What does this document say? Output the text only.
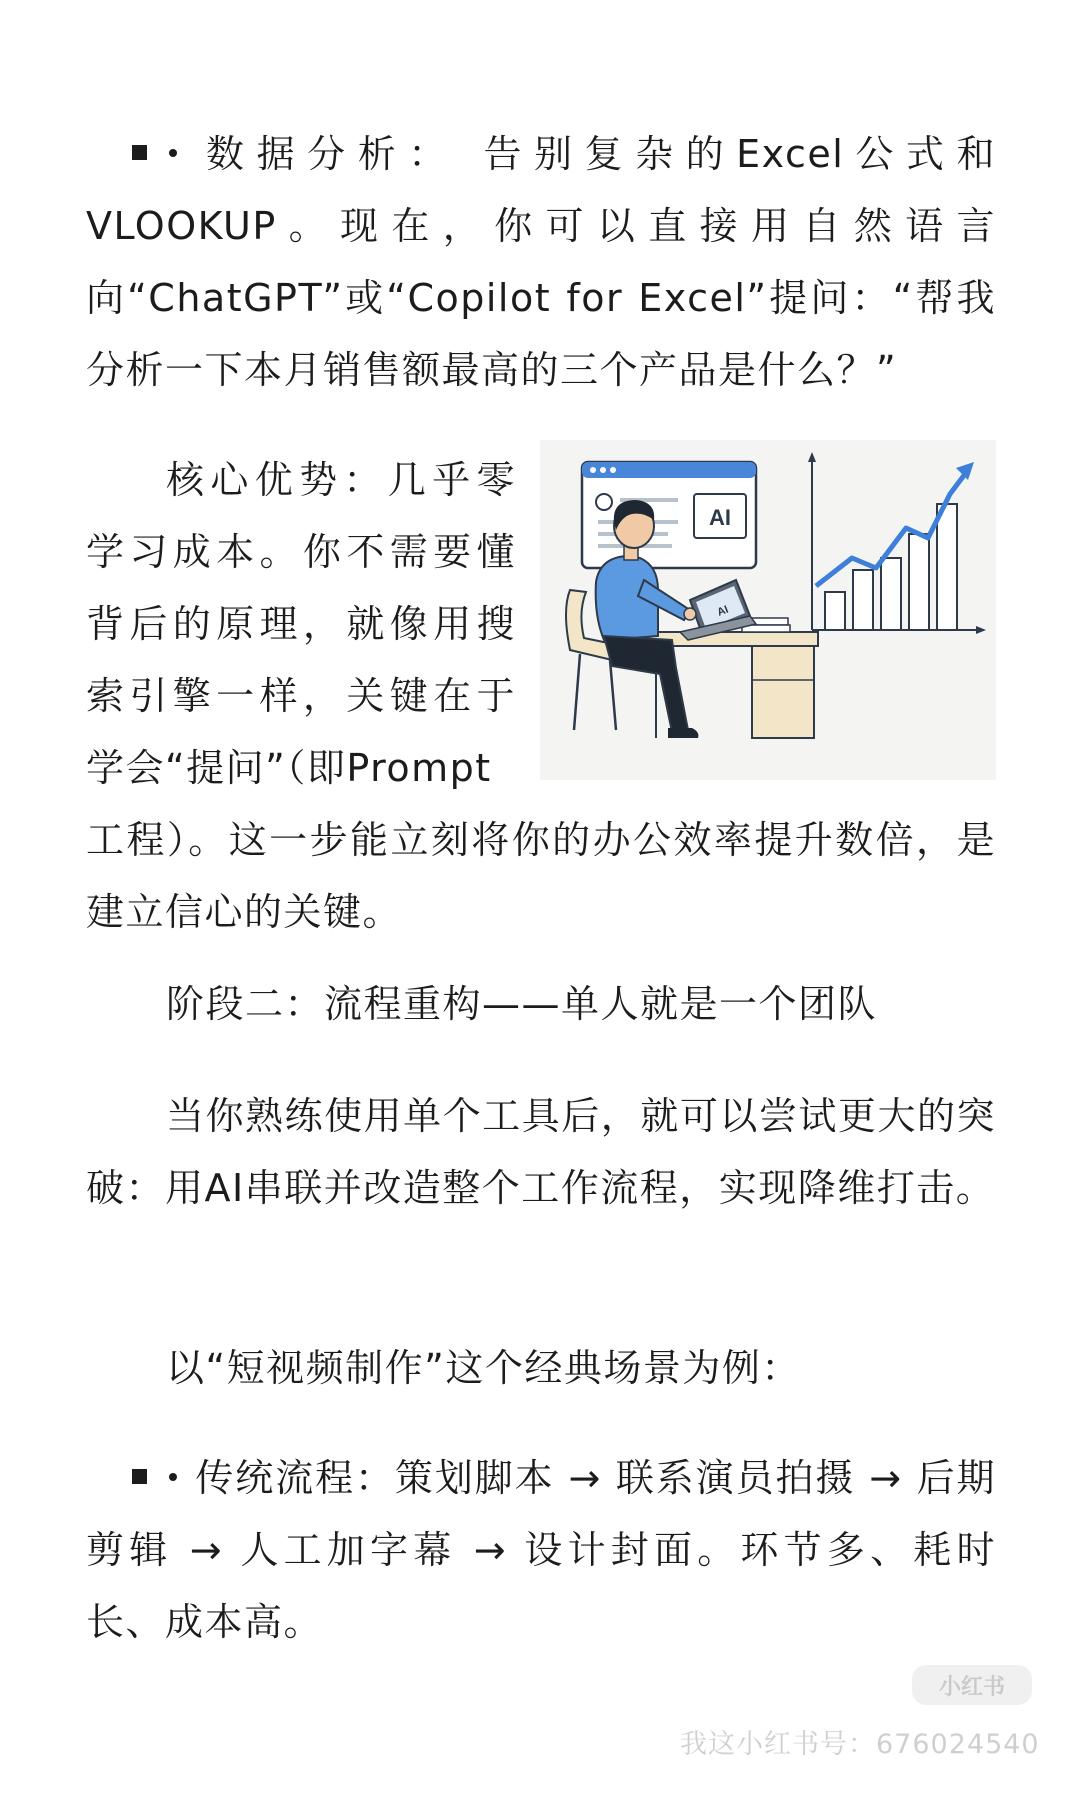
数据分析： 告别复杂的Excel公式和VLOOKUP。现在，你可以直接用自然语言向“ChatGPT”或“Copilot for Excel”提问：“帮我分析一下本月销售额最高的三个产品是什么？”

核心优势：几乎零学习成本。你不需要懂背后的原理，就像用搜索引擎一样，关键在于学会“提问”（即Prompt

AI
AI

工程）。这一步能立刻将你的办公效率提升数倍，是建立信心的关键。

阶段二：流程重构——单人就是一个团队

当你熟练使用单个工具后，就可以尝试更大的突破：用AI串联并改造整个工作流程，实现降维打击。

以“短视频制作”这个经典场景为例：

传统流程：策划脚本 → 联系演员拍摄 → 后期剪辑 → 人工加字幕 → 设计封面。环节多、耗时长、成本高。

小红书
我这小红书号：676024540
